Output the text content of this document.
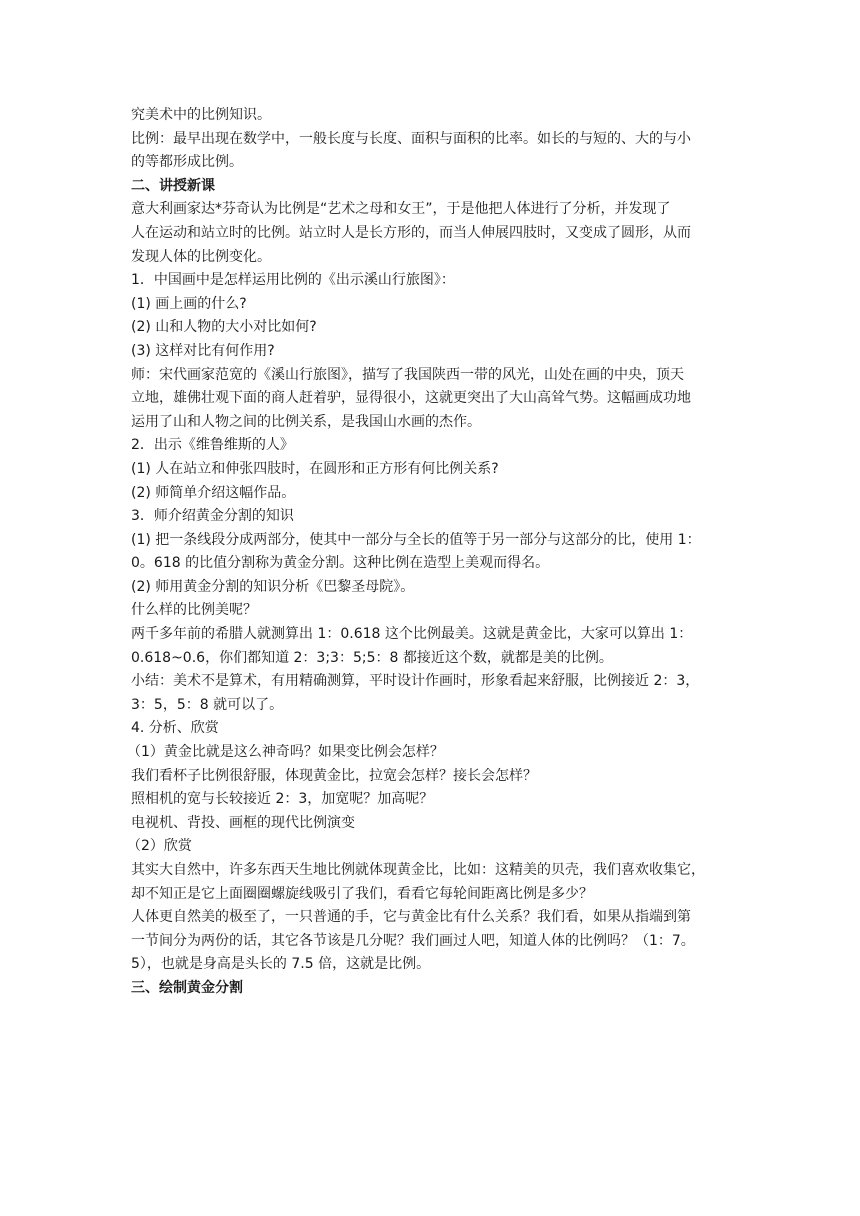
究美术中的比例知识。
比例：最早出现在数学中，一般长度与长度、面积与面积的比率。如长的与短的、大的与小
的等都形成比例。
二、讲授新课
意大利画家达*芬奇认为比例是“艺术之母和女王”，于是他把人体进行了分析，并发现了
人在运动和站立时的比例。站立时人是长方形的，而当人伸展四肢时，又变成了圆形，从而
发现人体的比例变化。
1．中国画中是怎样运用比例的《出示溪山行旅图》：
(1) 画上画的什么?
(2) 山和人物的大小对比如何?
(3) 这样对比有何作用?
师：宋代画家范宽的《溪山行旅图》，描写了我国陕西一带的风光，山处在画的中央，顶天
立地，雄佛壮观下面的商人赶着驴，显得很小，这就更突出了大山高耸气势。这幅画成功地
运用了山和人物之间的比例关系，是我国山水画的杰作。
2．出示《维鲁维斯的人》
(1) 人在站立和伸张四肢时，在圆形和正方形有何比例关系?
(2) 师简单介绍这幅作品。
3．师介绍黄金分割的知识
(1) 把一条线段分成两部分，使其中一部分与全长的值等于另一部分与这部分的比，使用 1：
0。618 的比值分割称为黄金分割。这种比例在造型上美观而得名。
(2) 师用黄金分割的知识分析《巴黎圣母院》。
什么样的比例美呢？
两千多年前的希腊人就测算出 1：0.618 这个比例最美。这就是黄金比，大家可以算出 1：
0.618~0.6，你们都知道 2：3;3：5;5：8 都接近这个数，就都是美的比例。
小结：美术不是算术，有用精确测算，平时设计作画时，形象看起来舒服，比例接近 2：3，
3：5，5：8 就可以了。
4. 分析、欣赏
（1）黄金比就是这么神奇吗？如果变比例会怎样？
我们看杯子比例很舒服，体现黄金比，拉宽会怎样？接长会怎样？
照相机的宽与长较接近 2：3，加宽呢？加高呢？
电视机、背投、画框的现代比例演变
（2）欣赏
其实大自然中，许多东西天生地比例就体现黄金比，比如：这精美的贝壳，我们喜欢收集它，
却不知正是它上面圈圈螺旋线吸引了我们，看看它每轮间距离比例是多少？
人体更自然美的极至了，一只普通的手，它与黄金比有什么关系？我们看，如果从指端到第
一节间分为两份的话，其它各节该是几分呢？我们画过人吧，知道人体的比例吗？（1：7。
5），也就是身高是头长的 7.5 倍，这就是比例。
三、绘制黄金分割
